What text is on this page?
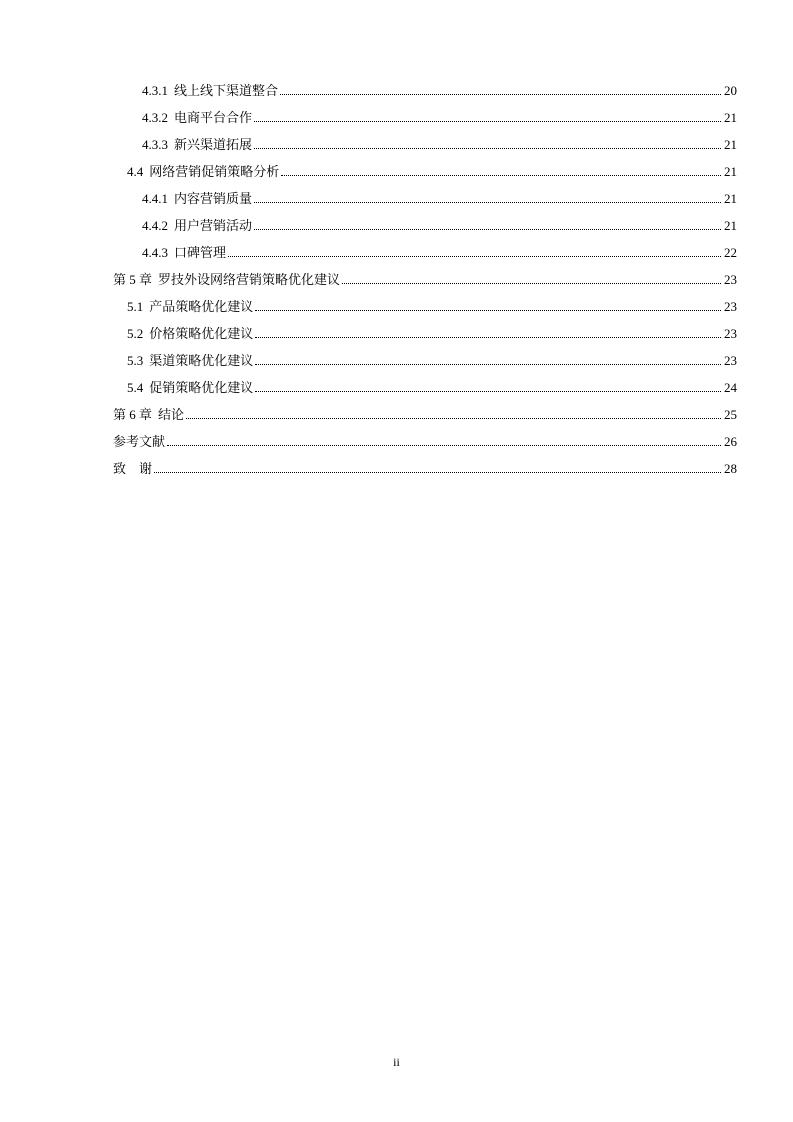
4.3.1 线上线下渠道整合	20
4.3.2 电商平台合作	21
4.3.3 新兴渠道拓展	21
4.4 网络营销促销策略分析	21
4.4.1 内容营销质量	21
4.4.2 用户营销活动	21
4.4.3 口碑管理	22
第 5 章 罗技外设网络营销策略优化建议	23
5.1 产品策略优化建议	23
5.2 价格策略优化建议	23
5.3 渠道策略优化建议	23
5.4 促销策略优化建议	24
第 6 章 结论	25
参考文献	26
致　谢	28
ii
